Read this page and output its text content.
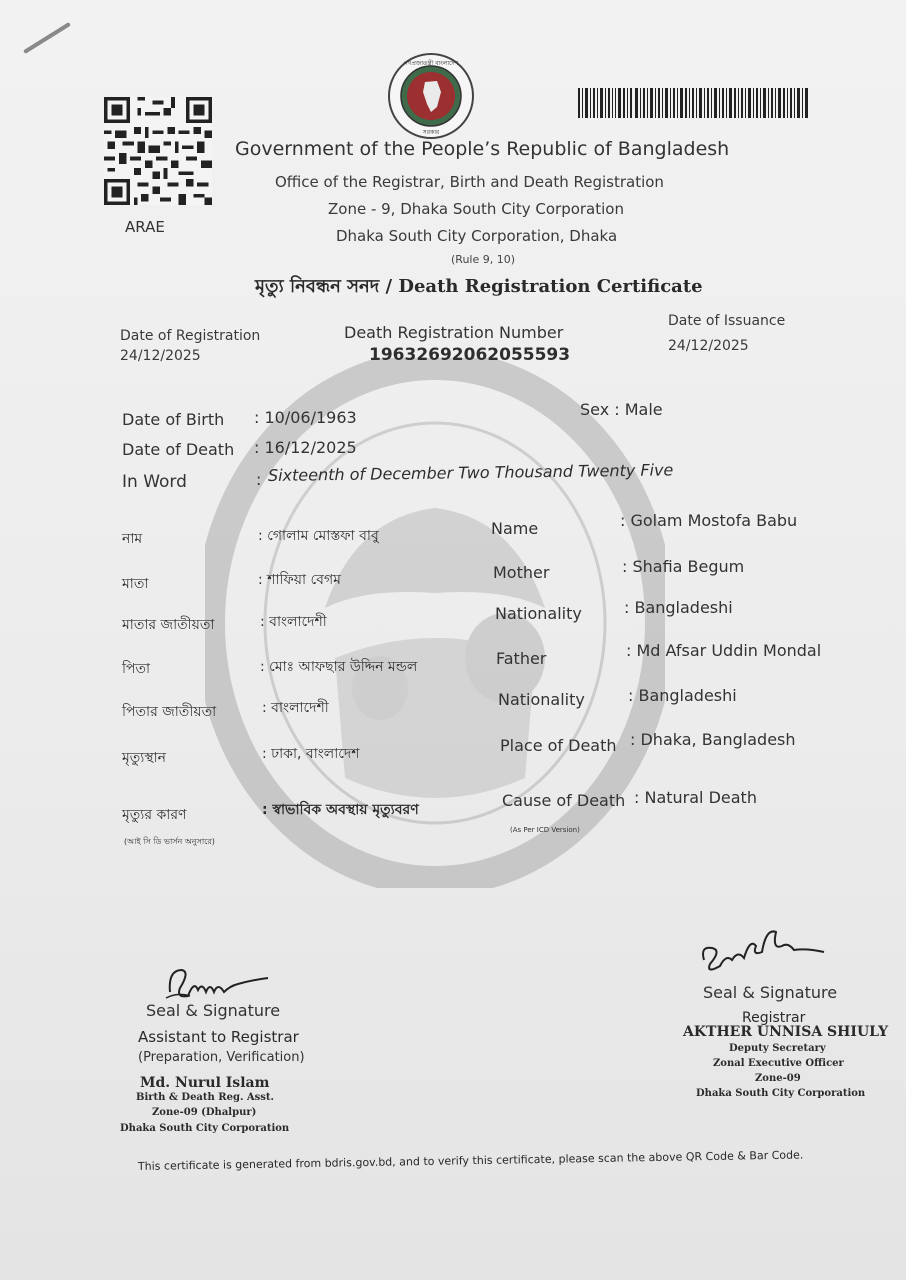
ARAE
গণপ্রজাতন্ত্রী বাংলাদেশ
সরকার
Government of the People’s Republic of Bangladesh
Office of the Registrar, Birth and Death Registration
Zone - 9, Dhaka South City Corporation
Dhaka South City Corporation, Dhaka
(Rule 9, 10)
মৃত্যু নিবন্ধন সনদ / Death Registration Certificate
Date of Registration
24/12/2025
Death Registration Number
19632692062055593
Date of Issuance
24/12/2025
Date of Birth : 10/06/1963	Sex : Male
Date of Death : 16/12/2025
In Word	: Sixteenth of December Two Thousand Twenty Five
নাম	: গোলাম মোস্তফা বাবু
মাতা	: শাফিয়া বেগম
মাতার জাতীয়তা	: বাংলাদেশী
পিতা	: মোঃ আফছার উদ্দিন মন্ডল
পিতার জাতীয়তা	: বাংলাদেশী
মৃত্যুস্থান	: ঢাকা, বাংলাদেশ
মৃত্যুর কারণ
(আই সি ডি ভার্সন অনুসারে)
: স্বাভাবিক অবস্থায় মৃত্যুবরণ
Name	: Golam Mostofa Babu
Mother	: Shafia Begum
Nationality	: Bangladeshi
Father	: Md Afsar Uddin Mondal
Nationality	: Bangladeshi
Place of Death : Dhaka, Bangladesh
Cause of Death : Natural Death
(As Per ICD Version)
Seal & Signature
Assistant to Registrar
(Preparation, Verification)
Md. Nurul Islam
Birth & Death Reg. Asst.
Zone-09 (Dhalpur)
Dhaka South City Corporation
Seal & Signature
Registrar
AKTHER UNNISA SHIULY
Deputy Secretary
Zonal Executive Officer
Zone-09
Dhaka South City Corporation
This certificate is generated from bdris.gov.bd, and to verify this certificate, please scan the above QR Code & Bar Code.
